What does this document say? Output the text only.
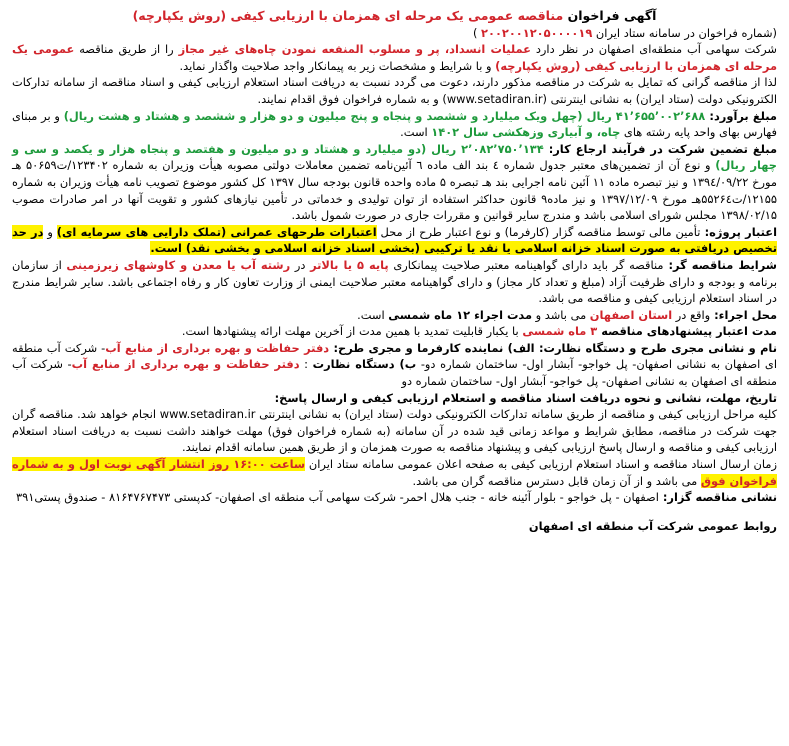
آگهی فراخوان مناقصه عمومی یک مرحله ای همزمان با ارزیابی کیفی (روش یکپارچه)

(شماره فراخوان در سامانه ستاد ایران ۲۰۰۲۰۰۱۲۰۵۰۰۰۰۱۹ )

شرکت سهامی آب منطقه‌ای اصفهان در نظر دارد عملیات انسداد، پر و مسلوب المنفعه نمودن چاه‌های غیر مجاز را از طریق مناقصه عمومی یک مرحله ای همزمان با ارزیابی کیفی (روش یکپارچه) و با شرایط و مشخصات زیر به پیمانکار واجد صلاحیت واگذار نماید.

لذا از مناقصه گرانی که تمایل به شرکت در مناقصه مذکور دارند، دعوت می گردد نسبت به دریافت اسناد استعلام ارزیابی کیفی و اسناد مناقصه از سامانه تدارکات الکترونیکی دولت (ستاد ایران) به نشانی اینترنتی (www.setadiran.ir) و به شماره فراخوان فوق اقدام نمایند.

مبلغ برآورد: ۴۱٬۶۵۵٬۰۰۲٬۶۸۸ ریال (چهل ویک میلیارد و ششصد و پنجاه و پنج میلیون و دو هزار و ششصد و هشتاد و هشت ریال) و بر مبنای فهارس بهای واحد پایه رشته های چاه، و آبیاری وزهکشی سال ۱۴۰۲ است.

مبلغ تضمین شرکت در فرآیند ارجاع کار: ۲٬۰۸۲٬۷۵۰٬۱۳۴ ریال (دو میلیارد و هشتاد و دو میلیون و هفتصد و پنجاه هزار و یکصد و سی و چهار ریال) و نوع آن از تضمین‌های معتبر جدول شماره ٤ بند الف ماده ٦ آئین‌نامه تضمین معاملات دولتی مصوبه هیأت وزیران به شماره ۱۲۳۴۰۲/ت۵۰۶۵۹ هـ مورخ ۱۳۹٤/۰۹/۲۲ و نیز تبصره ماده ۱۱ آئین نامه اجرایی بند هـ تبصره ۵ ماده واحده قانون بودجه سال ۱۳۹۷ کل کشور موضوع تصویب نامه هیأت وزیران به شماره ۱۲۱۵۵/ت۵۵۲۶٤هـ مورخ ۱۳۹۷/۱۲/۰۹ و نیز ماده۹ قانون حداکثر استفاده از توان تولیدی و خدماتی در تأمین نیازهای کشور و تقویت آنها در امر صادرات مصوب ۱۳۹۸/۰۲/۱۵ مجلس شورای اسلامی باشد و مندرج سایر قوانین و مقررات جاری در صورت شمول باشد.

اعتبار پروژه: تأمین مالی توسط مناقصه گزار (کارفرما) و نوع اعتبار طرح از محل اعتبارات طرحهای عمرانی (تملک دارایی های سرمایه ای) و در حد تخصیص دریافتی به صورت اسناد خزانه اسلامی یا نقد یا ترکیبی (بخشی اسناد خزانه اسلامی و بخشی نقد) است.

شرایط مناقصه گر: مناقصه گر باید دارای گواهینامه معتبر صلاحیت پیمانکاری پایه ۵ یا بالاتر در رشته آب یا معدن و کاوشهای زیرزمینی از سازمان برنامه و بودجه و دارای ظرفیت آزاد (مبلغ و تعداد کار مجاز) و دارای گواهینامه معتبر صلاحیت ایمنی از وزارت تعاون کار و رفاه اجتماعی باشد. سایر شرایط مندرج در اسناد استعلام ارزیابی کیفی و مناقصه می باشد.

محل اجراء: واقع در استان اصفهان می باشد و مدت اجراء ۱۲ ماه شمسی است.

مدت اعتبار پیشنهادهای مناقصه ۳ ماه شمسی با یکبار قابلیت تمدید با همین مدت از آخرین مهلت ارائه پیشنهادها است.

نام و نشانی مجری طرح و دستگاه نظارت: الف) نماینده کارفرما و مجری طرح: دفتر حفاظت و بهره برداری از منابع آب- شرکت آب منطقه ای اصفهان به نشانی اصفهان- پل خواجو- آبشار اول- ساختمان شماره دو- ب) دستگاه نظارت : دفتر حفاظت و بهره برداری از منابع آب- شرکت آب منطقه ای اصفهان به نشانی اصفهان- پل خواجو- آبشار اول- ساختمان شماره دو

تاریخ، مهلت، نشانی و نحوه دریافت اسناد مناقصه و استعلام ارزیابی کیفی و ارسال پاسخ:

کلیه مراحل ارزیابی کیفی و مناقصه از طریق سامانه تدارکات الکترونیکی دولت (ستاد ایران) به نشانی اینترنتی www.setadiran.ir انجام خواهد شد. مناقصه گران جهت شرکت در مناقصه، مطابق شرایط و مواعد زمانی قید شده در آن سامانه (به شماره فراخوان فوق) مهلت خواهند داشت نسبت به دریافت اسناد استعلام ارزیابی کیفی و مناقصه و ارسال پاسخ ارزیابی کیفی و پیشنهاد مناقصه به صورت همزمان و از طریق همین سامانه اقدام نمایند.

زمان ارسال اسناد مناقصه و اسناد استعلام ارزیابی کیفی به صفحه اعلان عمومی سامانه ستاد ایران ساعت ۱۶:۰۰ روز انتشار آگهی نوبت اول و به شماره فراخوان فوق می باشد و از آن زمان قابل دسترس مناقصه گران می باشد.

نشانی مناقصه گزار: اصفهان - پل خواجو - بلوار آئینه خانه - جنب هلال احمر- شرکت سهامی آب منطقه ای اصفهان- کدپستی ۸۱۶۴۷۶۷۴۷۳ - صندوق پستی۳۹۱

روابط عمومی شرکت آب منطقه ای اصفهان
